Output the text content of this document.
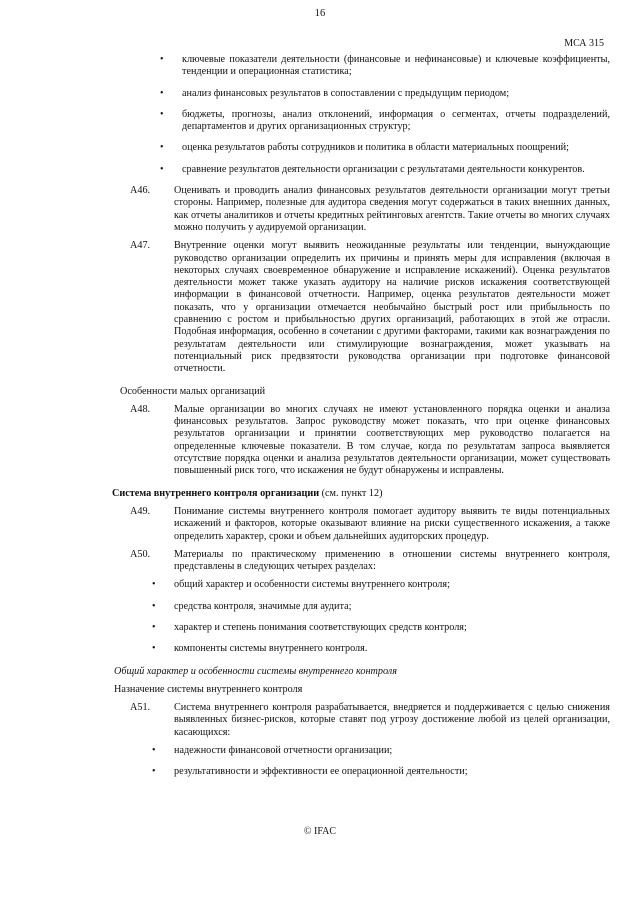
16
МСА 315
•	ключевые показатели деятельности (финансовые и нефинансовые) и ключевые коэффициенты, тенденции и операционная статистика;
•	анализ финансовых результатов в сопоставлении с предыдущим периодом;
•	бюджеты, прогнозы, анализ отклонений, информация о сегментах, отчеты подразделений, департаментов и других организационных структур;
•	оценка результатов работы сотрудников и политика в области материальных поощрений;
•	сравнение результатов деятельности организации с результатами деятельности конкурентов.
A46.	Оценивать и проводить анализ финансовых результатов деятельности организации могут третьи стороны. Например, полезные для аудитора сведения могут содержаться в таких внешних данных, как отчеты аналитиков и отчеты кредитных рейтинговых агентств. Такие отчеты во многих случаях можно получить у аудируемой организации.
A47.	Внутренние оценки могут выявить неожиданные результаты или тенденции, вынуждающие руководство организации определить их причины и принять меры для исправления (включая в некоторых случаях своевременное обнаружение и исправление искажений). Оценка результатов деятельности может также указать аудитору на наличие рисков искажения соответствующей информации в финансовой отчетности. Например, оценка результатов деятельности может показать, что у организации отмечается необычайно быстрый рост или прибыльность по сравнению с ростом и прибыльностью других организаций, работающих в этой же отрасли. Подобная информация, особенно в сочетании с другими факторами, такими как вознаграждения по результатам деятельности или стимулирующие вознаграждения, может указывать на потенциальный риск предвзятости руководства организации при подготовке финансовой отчетности.
Особенности малых организаций
A48.	Малые организации во многих случаях не имеют установленного порядка оценки и анализа финансовых результатов. Запрос руководству может показать, что при оценке финансовых результатов организации и принятии соответствующих мер руководство полагается на определенные ключевые показатели. В том случае, когда по результатам запроса выявляется отсутствие порядка оценки и анализа результатов деятельности организации, может существовать повышенный риск того, что искажения не будут обнаружены и исправлены.
Система внутреннего контроля организации (см. пункт 12)
A49.	Понимание системы внутреннего контроля помогает аудитору выявить те виды потенциальных искажений и факторов, которые оказывают влияние на риски существенного искажения, а также определить характер, сроки и объем дальнейших аудиторских процедур.
A50.	Материалы по практическому применению в отношении системы внутреннего контроля, представлены в следующих четырех разделах:
•	общий характер и особенности системы внутреннего контроля;
•	средства контроля, значимые для аудита;
•	характер и степень понимания соответствующих средств контроля;
•	компоненты системы внутреннего контроля.
Общий характер и особенности системы внутреннего контроля
Назначение системы внутреннего контроля
A51.	Система внутреннего контроля разрабатывается, внедряется и поддерживается с целью снижения выявленных бизнес-рисков, которые ставят под угрозу достижение любой из целей организации, касающихся:
•	надежности финансовой отчетности организации;
•	результативности и эффективности ее операционной деятельности;
© IFAC
